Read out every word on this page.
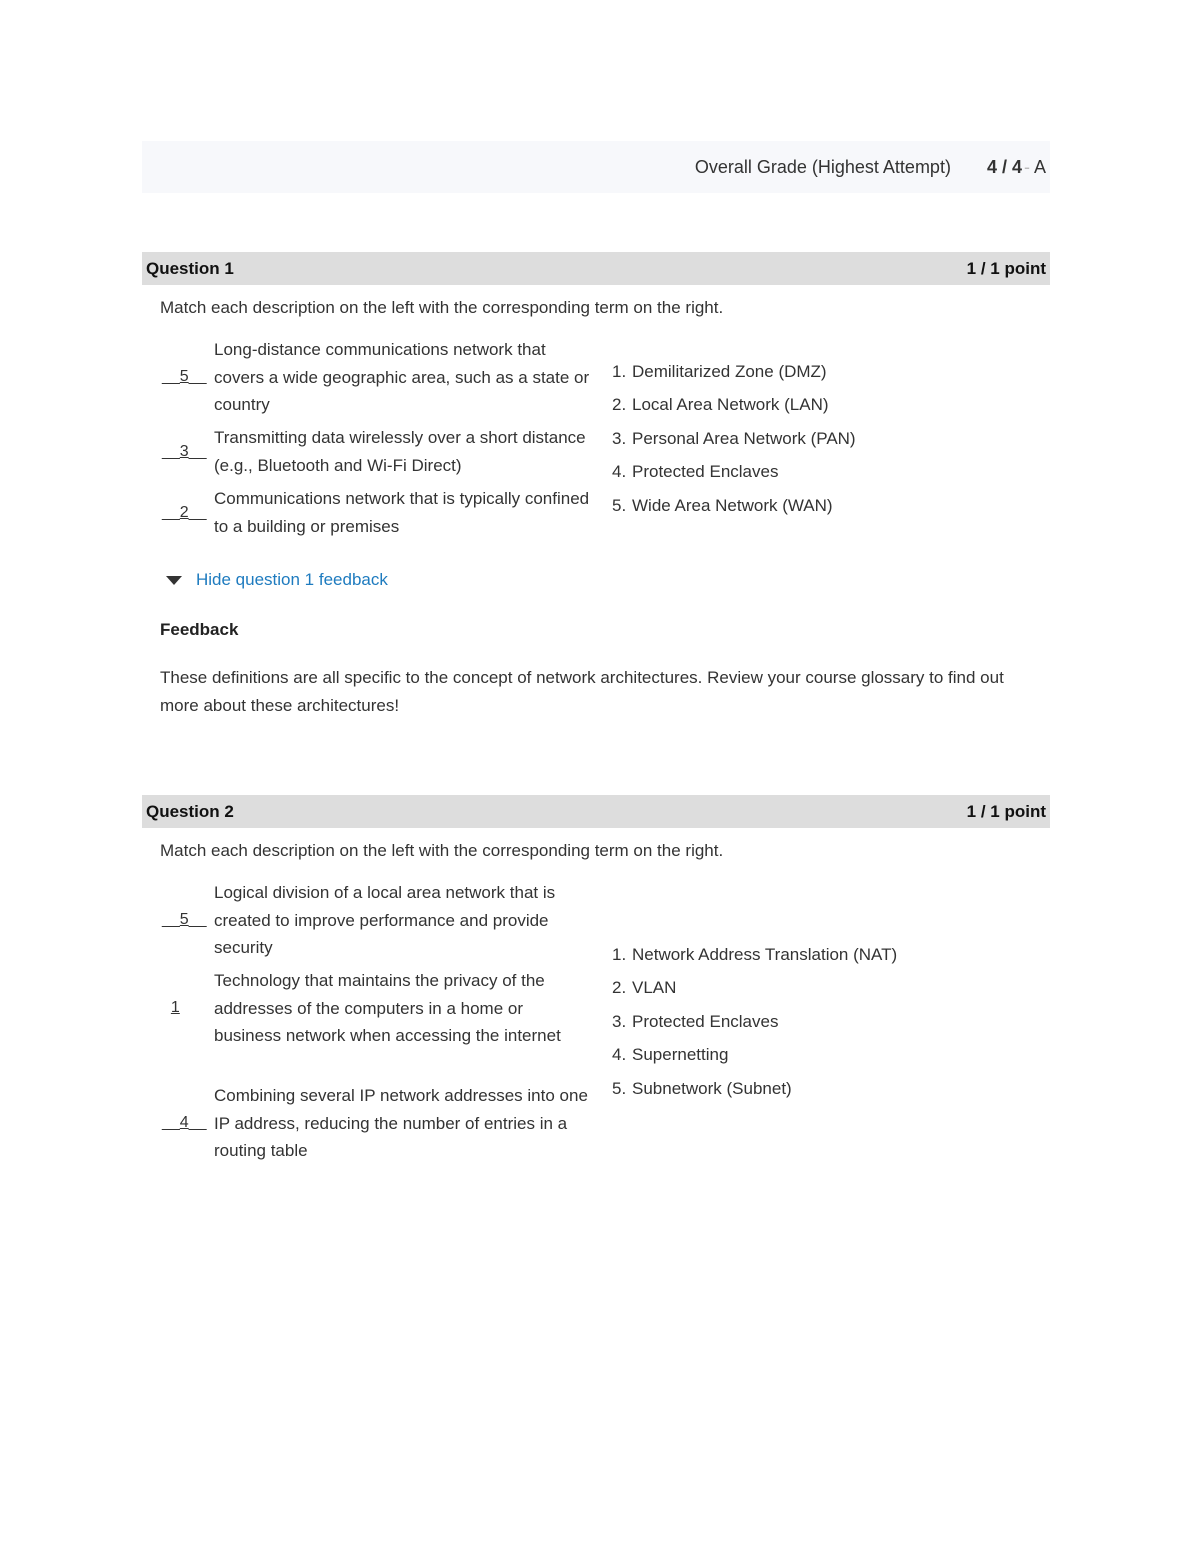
Overall Grade (Highest Attempt) 4 / 4 - A
Question 1	1 / 1 point
Match each description on the left with the corresponding term on the right.
__5__
Long-distance communications network that covers a wide geographic area, such as a state or country
__3__
Transmitting data wirelessly over a short distance (e.g., Bluetooth and Wi-Fi Direct)
__2__
Communications network that is typically confined to a building or premises
1. Demilitarized Zone (DMZ)
2. Local Area Network (LAN)
3. Personal Area Network (PAN)
4. Protected Enclaves
5. Wide Area Network (WAN)
Hide question 1 feedback
Feedback
These definitions are all specific to the concept of network architectures. Review your course glossary to find out more about these architectures!
Question 2	1 / 1 point
Match each description on the left with the corresponding term on the right.
__5__
Logical division of a local area network that is created to improve performance and provide security
1
Technology that maintains the privacy of the addresses of the computers in a home or business network when accessing the internet
__4__
Combining several IP network addresses into one IP address, reducing the number of entries in a routing table
1. Network Address Translation (NAT)
2. VLAN
3. Protected Enclaves
4. Supernetting
5. Subnetwork (Subnet)
